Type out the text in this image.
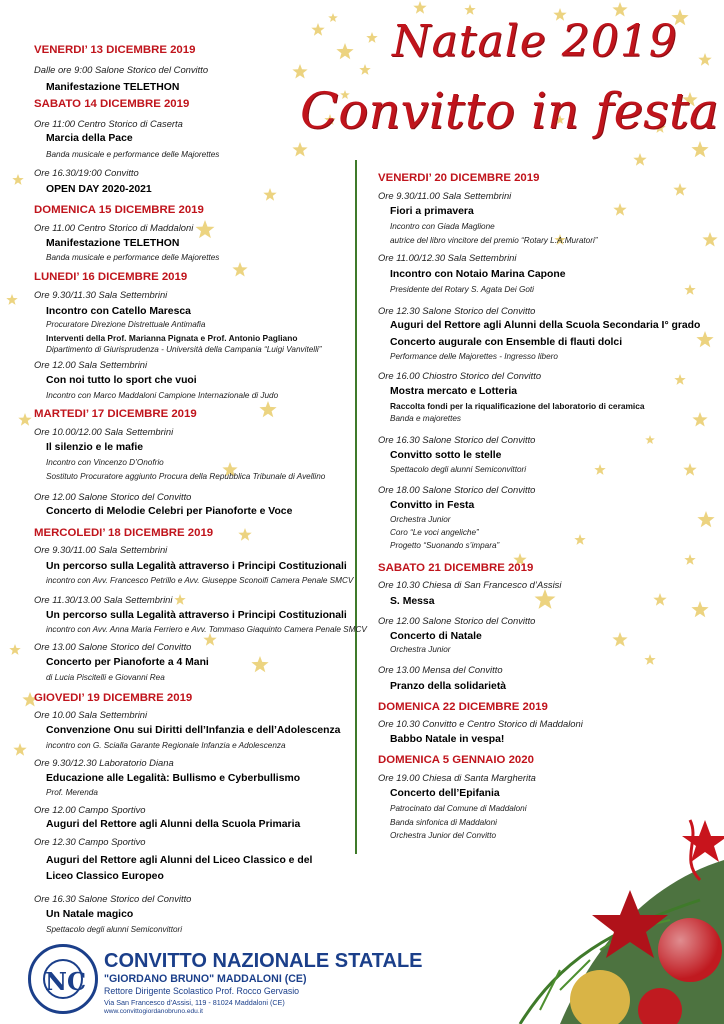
Natale 2019
Convitto in festa
VENERDI’ 13 DICEMBRE 2019
Dalle ore 9:00 Salone Storico del Convitto
Manifestazione TELETHON
SABATO 14 DICEMBRE 2019
Ore 11:00 Centro Storico di Caserta
Marcia della Pace
Banda musicale e performance delle Majorettes
Ore 16.30/19:00 Convitto
OPEN DAY 2020-2021
DOMENICA 15 DICEMBRE 2019
Ore 11.00 Centro Storico di Maddaloni
Manifestazione TELETHON
Banda musicale e performance delle Majorettes
LUNEDI’ 16 DICEMBRE 2019
Ore 9.30/11.30 Sala Settembrini
Incontro con Catello Maresca
Procuratore Direzione Distrettuale Antimafia
Interventi della Prof. Marianna Pignata e Prof. Antonio Pagliano
Dipartimento di Giurisprudenza - Università della Campania “Luigi Vanvitelli”
Ore 12.00 Sala Settembrini
Con noi tutto lo sport che vuoi
Incontro con Marco Maddaloni Campione Internazionale di Judo
MARTEDI’ 17 DICEMBRE 2019
Ore 10.00/12.00 Sala Settembrini
Il silenzio e le mafie
Incontro con Vincenzo D’Onofrio
Sostituto Procuratore aggiunto Procura della Repubblica Tribunale di Avellino
Ore 12.00 Salone Storico del Convitto
Concerto di Melodie Celebri per Pianoforte e Voce
MERCOLEDI’ 18 DICEMBRE 2019
Ore 9.30/11.00 Sala Settembrini
Un percorso sulla Legalità attraverso i Principi Costituzionali
incontro con Avv. Francesco Petrillo e Avv. Giuseppe Sconoifi Camera Penale SMCV
Ore 11.30/13.00 Sala Settembrini
Un percorso sulla Legalità attraverso i Principi Costituzionali
incontro con Avv. Anna Maria Ferriero e Avv. Tommaso Giaquinto Camera Penale SMCV
Ore 13.00 Salone Storico del Convitto
Concerto per Pianoforte a 4 Mani
di Lucia Piscitelli e Giovanni Rea
GIOVEDI’ 19 DICEMBRE 2019
Ore 10.00 Sala Settembrini
Convenzione Onu sui Diritti dell’Infanzia e dell’Adolescenza
incontro con G. Scialla Garante Regionale Infanzia e Adolescenza
Ore 9.30/12.30 Laboratorio Diana
Educazione alle Legalità: Bullismo e Cyberbullismo
Prof. Merenda
Ore 12.00 Campo Sportivo
Auguri del Rettore agli Alunni della Scuola Primaria
Ore 12.30 Campo Sportivo
Auguri del Rettore agli Alunni del Liceo Classico e del
Liceo Classico Europeo
Ore 16.30 Salone Storico del Convitto
Un Natale magico
Spettacolo degli alunni Semiconvittori
VENERDI’ 20 DICEMBRE 2019
Ore 9.30/11.00 Sala Settembrini
Fiori a primavera
Incontro con Giada Maglione
autrice del libro vincitore del premio “Rotary L.A.Muratori”
Ore 11.00/12.30 Sala Settembrini
Incontro con Notaio Marina Capone
Presidente del Rotary S. Agata Dei Goti
Ore 12.30 Salone Storico del Convitto
Auguri del Rettore agli Alunni della Scuola Secondaria I° grado
Concerto augurale con Ensemble di flauti dolci
Performance delle Majorettes - Ingresso libero
Ore 16.00 Chiostro Storico del Convitto
Mostra mercato e Lotteria
Raccolta fondi per la riqualificazione del laboratorio di ceramica
Banda e majorettes
Ore 16.30 Salone Storico del Convitto
Convitto sotto le stelle
Spettacolo degli alunni Semiconvittori
Ore 18.00 Salone Storico del Convitto
Convitto in Festa
Orchestra Junior
Coro “Le voci angeliche”
Progetto “Suonando s’impara”
SABATO 21 DICEMBRE 2019
Ore 10.30 Chiesa di San Francesco d’Assisi
S. Messa
Ore 12.00 Salone Storico del Convitto
Concerto di Natale
Orchestra Junior
Ore 13.00 Mensa del Convitto
Pranzo della solidarietà
DOMENICA 22 DICEMBRE 2019
Ore 10.30 Convitto e Centro Storico di Maddaloni
Babbo Natale in vespa!
DOMENICA 5 GENNAIO 2020
Ore 19.00 Chiesa di Santa Margherita
Concerto dell’Epifania
Patrocinato dal Comune di Maddaloni
Banda sinfonica di Maddaloni
Orchestra Junior del Convitto
NC
CONVITTO NAZIONALE STATALE
"GIORDANO BRUNO" MADDALONI (CE)
Rettore Dirigente Scolastico Prof. Rocco Gervasio
Via San Francesco d’Assisi, 119 - 81024 Maddaloni (CE)
www.convittogiordanobruno.edu.it
